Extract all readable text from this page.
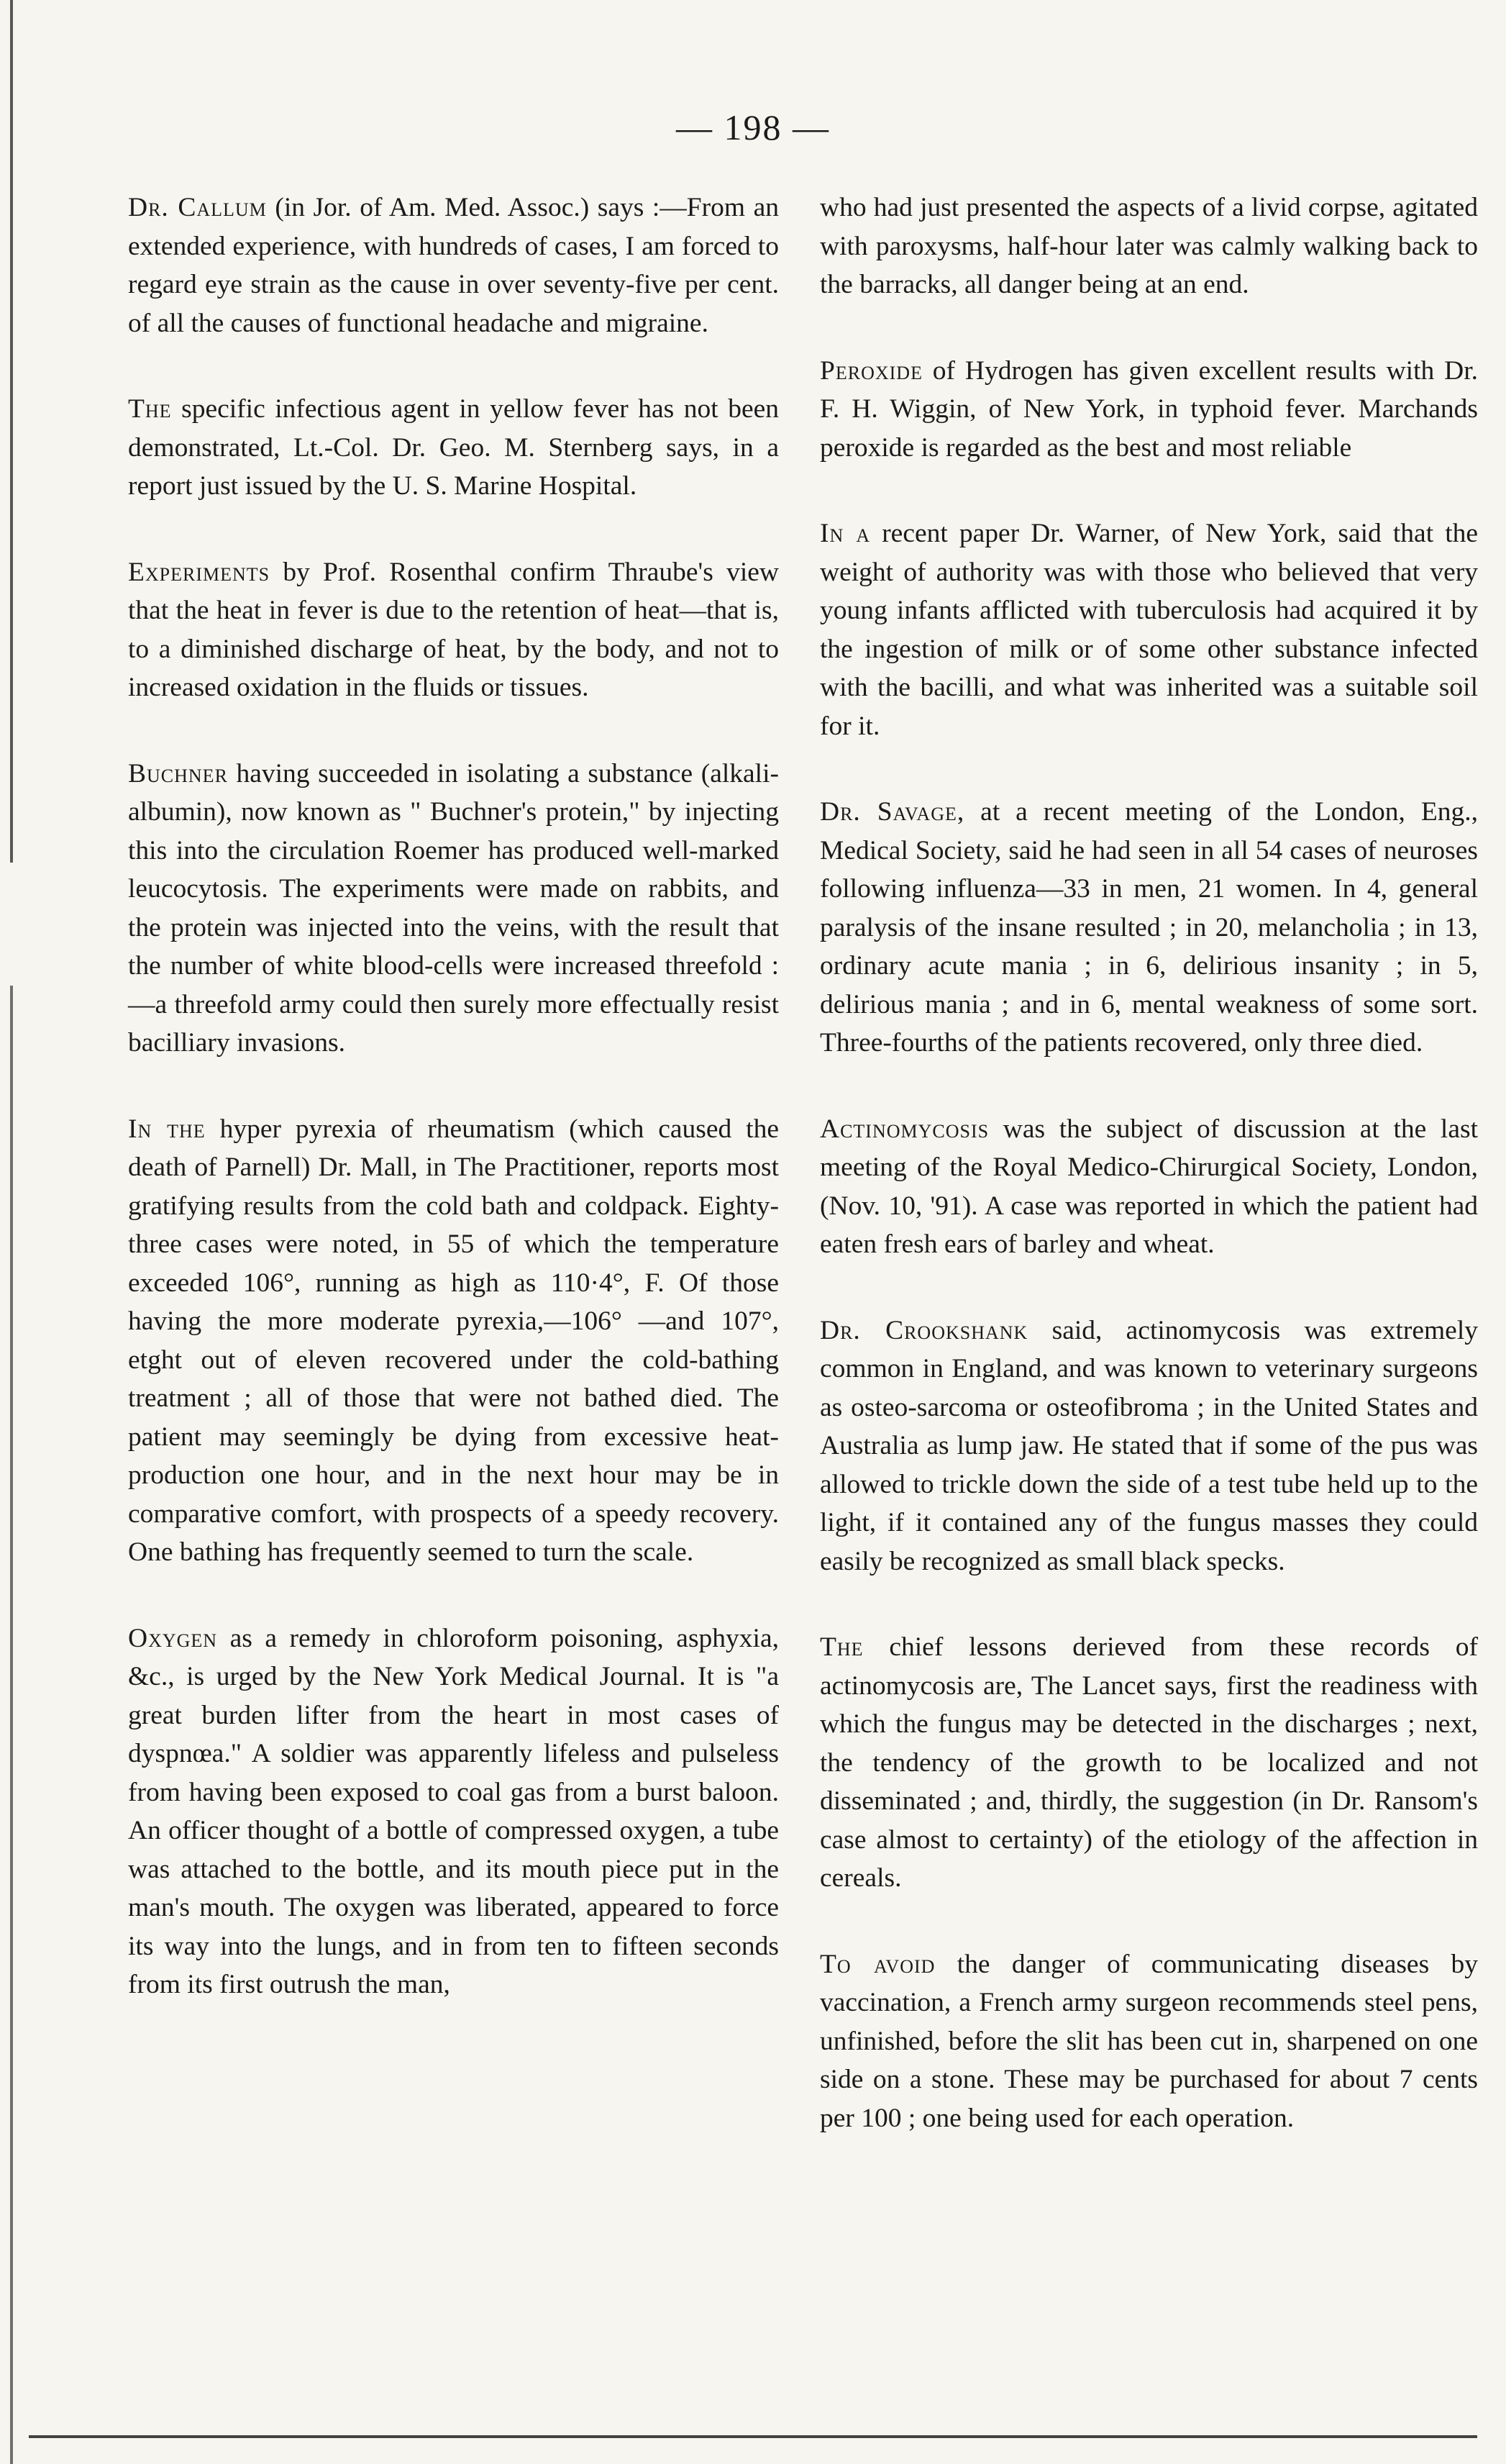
— 198 —

Dr. Callum (in Jor. of Am. Med. Assoc.) says :—From an extended experience, with hundreds of cases, I am forced to regard eye strain as the cause in over seventy-five per cent. of all the causes of functional headache and migraine.

The specific infectious agent in yellow fever has not been demonstrated, Lt.-Col. Dr. Geo. M. Sternberg says, in a report just issued by the U. S. Marine Hospital.

Experiments by Prof. Rosenthal confirm Thraube's view that the heat in fever is due to the retention of heat—that is, to a diminished discharge of heat, by the body, and not to increased oxidation in the fluids or tissues.

Buchner having succeeded in isolating a substance (alkali-albumin), now known as " Buchner's protein," by injecting this into the circulation Roemer has produced well-marked leucocytosis. The experiments were made on rabbits, and the protein was injected into the veins, with the result that the number of white blood-cells were increased threefold :—a threefold army could then surely more effectually resist bacilliary invasions.

In the hyper pyrexia of rheumatism (which caused the death of Parnell) Dr. Mall, in The Practitioner, reports most gratifying results from the cold bath and coldpack. Eighty-three cases were noted, in 55 of which the temperature exceeded 106°, running as high as 110·4°, F. Of those having the more moderate pyrexia,—106° —and 107°, etght out of eleven recovered under the cold-bathing treatment ; all of those that were not bathed died. The patient may seemingly be dying from excessive heat-production one hour, and in the next hour may be in comparative comfort, with prospects of a speedy recovery. One bathing has frequently seemed to turn the scale.

Oxygen as a remedy in chloroform poisoning, asphyxia, &c., is urged by the New York Medical Journal. It is "a great burden lifter from the heart in most cases of dyspnœa." A soldier was apparently lifeless and pulseless from having been exposed to coal gas from a burst baloon. An officer thought of a bottle of compressed oxygen, a tube was attached to the bottle, and its mouth piece put in the man's mouth. The oxygen was liberated, appeared to force its way into the lungs, and in from ten to fifteen seconds from its first outrush the man,

who had just presented the aspects of a livid corpse, agitated with paroxysms, half-hour later was calmly walking back to the barracks, all danger being at an end.

Peroxide of Hydrogen has given excellent results with Dr. F. H. Wiggin, of New York, in typhoid fever. Marchands peroxide is regarded as the best and most reliable

In a recent paper Dr. Warner, of New York, said that the weight of authority was with those who believed that very young infants afflicted with tuberculosis had acquired it by the ingestion of milk or of some other substance infected with the bacilli, and what was inherited was a suitable soil for it.

Dr. Savage, at a recent meeting of the London, Eng., Medical Society, said he had seen in all 54 cases of neuroses following influenza—33 in men, 21 women. In 4, general paralysis of the insane resulted ; in 20, melancholia ; in 13, ordinary acute mania ; in 6, delirious insanity ; in 5, delirious mania ; and in 6, mental weakness of some sort. Three-fourths of the patients recovered, only three died.

Actinomycosis was the subject of discussion at the last meeting of the Royal Medico-Chirurgical Society, London, (Nov. 10, '91). A case was reported in which the patient had eaten fresh ears of barley and wheat.

Dr. Crookshank said, actinomycosis was extremely common in England, and was known to veterinary surgeons as osteo-sarcoma or osteofibroma ; in the United States and Australia as lump jaw. He stated that if some of the pus was allowed to trickle down the side of a test tube held up to the light, if it contained any of the fungus masses they could easily be recognized as small black specks.

The chief lessons derieved from these records of actinomycosis are, The Lancet says, first the readiness with which the fungus may be detected in the discharges ; next, the tendency of the growth to be localized and not disseminated ; and, thirdly, the suggestion (in Dr. Ransom's case almost to certainty) of the etiology of the affection in cereals.

To avoid the danger of communicating diseases by vaccination, a French army surgeon recommends steel pens, unfinished, before the slit has been cut in, sharpened on one side on a stone. These may be purchased for about 7 cents per 100 ; one being used for each operation.
